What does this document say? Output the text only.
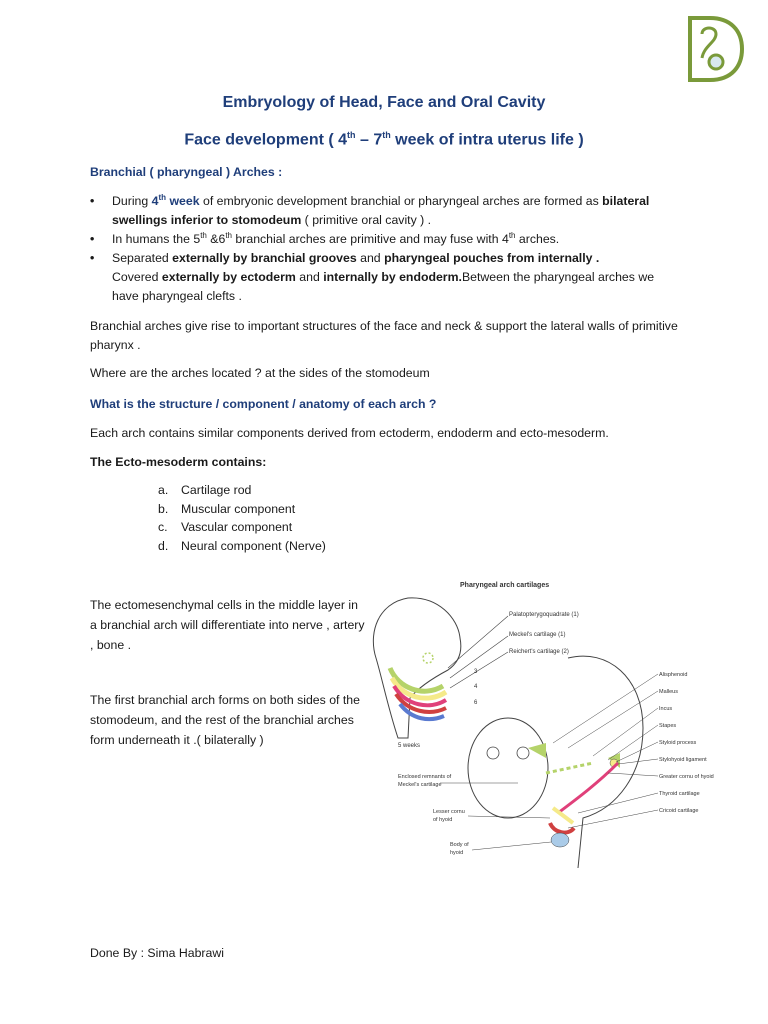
Embryology of Head, Face and Oral Cavity
Face development ( 4th – 7th week of intra uterus life )
Branchial ( pharyngeal ) Arches :
• During 4th week of embryonic development branchial or pharyngeal arches are formed as bilateral swellings inferior to stomodeum ( primitive oral cavity ) .
• In humans the 5th &6th branchial arches are primitive and may fuse with 4th arches.
• Separated externally by branchial grooves and pharyngeal pouches from internally .
Covered externally by ectoderm and internally by endoderm.Between the pharyngeal arches we have pharyngeal clefts .
Branchial arches give rise to important structures of the face and neck & support the lateral walls of primitive pharynx .
Where are the arches located ? at the sides of the stomodeum
What is the structure / component / anatomy of each arch ?
Each arch contains similar components derived from ectoderm, endoderm and ecto-mesoderm.
The Ecto-mesoderm contains:
a.	Cartilage rod
b.	Muscular component
c.	Vascular component
d.	Neural component (Nerve)
The ectomesenchymal cells in the middle layer in a branchial arch will differentiate into nerve , artery , bone .
The first branchial arch forms on both sides of the stomodeum, and the rest of the branchial arches form underneath it .( bilaterally )
Pharyngeal arch cartilages
Palatopterygoquadrate (1)
Meckel's cartilage (1)
Reichert's cartilage (2)
3
4
6
5 weeks
Alisphenoid
Malleus
Incus
Stapes
Styloid process
Stylohyoid ligament
Greater cornu of hyoid
Thyroid cartilage
Cricoid cartilage
Enclosed remnants of
Meckel's cartilage
Lesser cornu
of hyoid
Body of
hyoid
Done By : Sima Habrawi
